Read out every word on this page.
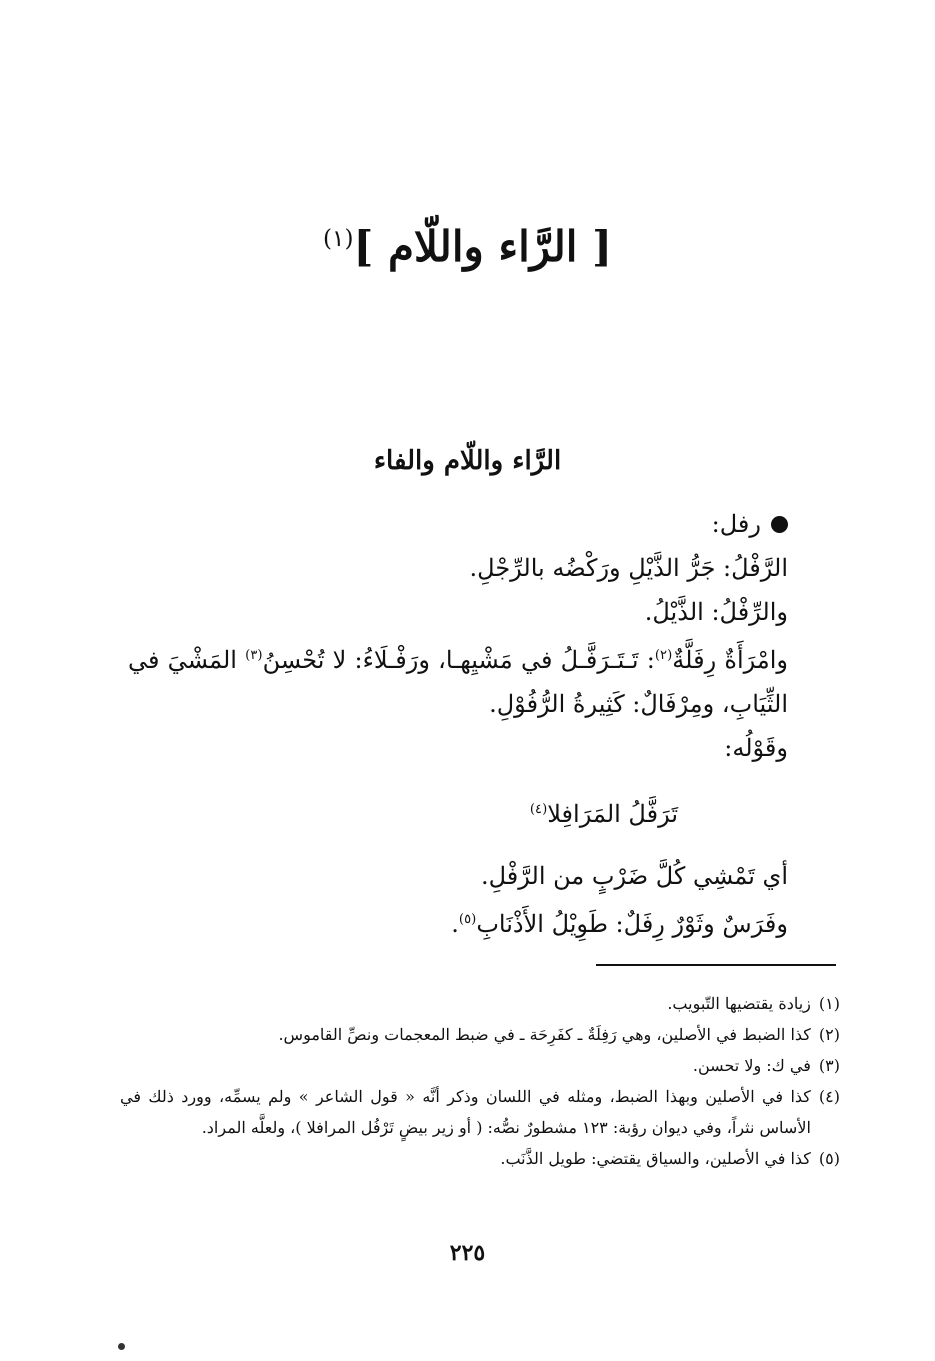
[ الرَّاء واللّام ]$^{(١)}$
الرَّاء واللّام والفاء
رفل:

الرَّفْلُ: جَرُّ الذَّيْلِ ورَكْضُه بالرِّجْلِ.

والرِّفْلُ: الذَّيْلُ.

وامْرَأَةٌ رِفَلَّةٌ$^{(٢)}$: تَـتَـرَفَّـلُ في مَشْيِهـا، ورَفْـلَاءُ: لا تُحْسِنُ$^{(٣)}$ المَشْيَ في الثِّيَابِ، ومِرْفَالٌ: كَثِيرةُ الرُّفُوْلِ.

وقَوْلُه:

تَرَفَّلُ المَرَافِلا$^{(٤)}$

أي تَمْشِي كُلَّ ضَرْبٍ من الرَّفْلِ.

وفَرَسٌ وثَوْرٌ رِفَلٌ: طَوِيْلُ الأَذْنَابِ$^{(٥)}$.

(١)
زيادة يقتضيها التّبويب.
(٢)
كذا الضبط في الأصلين، وهي رَفِلَةٌ ـ كفَرِحَة ـ في ضبط المعجمات ونصِّ القاموس.
(٣)
في ك: ولا تحسن.
(٤)
كذا في الأصلين وبهذا الضبط، ومثله في اللسان وذكر أنَّه « قول الشاعر » ولم يسمِّه، وورد ذلك في الأساس نثراً، وفي ديوان رؤبة: ١٢٣ مشطورٌ نصُّه: ( أو زير بيضٍ تَرْفُل المرافلا )، ولعلَّه المراد.
(٥)
كذا في الأصلين، والسياق يقتضي: طويل الذَّنَب.
٢٢٥
